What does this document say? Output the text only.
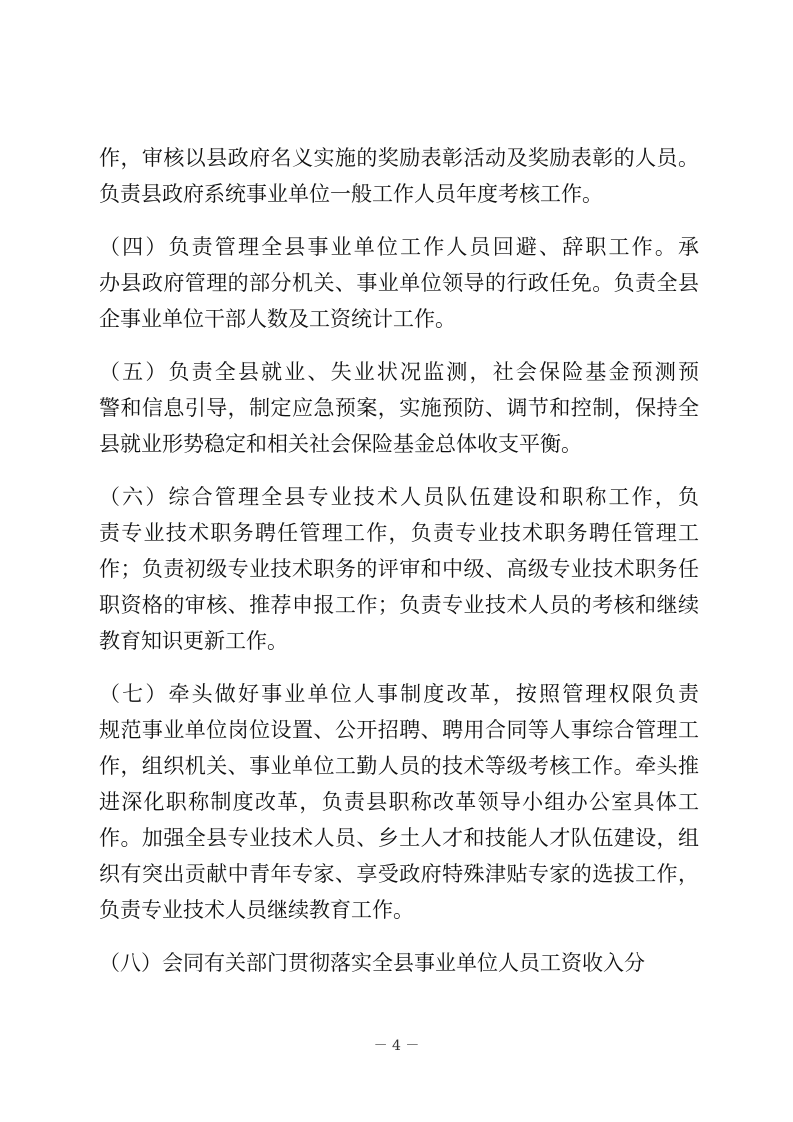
作，审核以县政府名义实施的奖励表彰活动及奖励表彰的人员。
负责县政府系统事业单位一般工作人员年度考核工作。
（四）负责管理全县事业单位工作人员回避、辞职工作。承
办县政府管理的部分机关、事业单位领导的行政任免。负责全县
企事业单位干部人数及工资统计工作。
（五）负责全县就业、失业状况监测，社会保险基金预测预
警和信息引导，制定应急预案，实施预防、调节和控制，保持全
县就业形势稳定和相关社会保险基金总体收支平衡。
（六）综合管理全县专业技术人员队伍建设和职称工作，负
责专业技术职务聘任管理工作，负责专业技术职务聘任管理工
作；负责初级专业技术职务的评审和中级、高级专业技术职务任
职资格的审核、推荐申报工作；负责专业技术人员的考核和继续
教育知识更新工作。
（七）牵头做好事业单位人事制度改革，按照管理权限负责
规范事业单位岗位设置、公开招聘、聘用合同等人事综合管理工
作，组织机关、事业单位工勤人员的技术等级考核工作。牵头推
进深化职称制度改革，负责县职称改革领导小组办公室具体工
作。加强全县专业技术人员、乡土人才和技能人才队伍建设，组
织有突出贡献中青年专家、享受政府特殊津贴专家的选拔工作，
负责专业技术人员继续教育工作。
（八）会同有关部门贯彻落实全县事业单位人员工资收入分
－ 4 －
